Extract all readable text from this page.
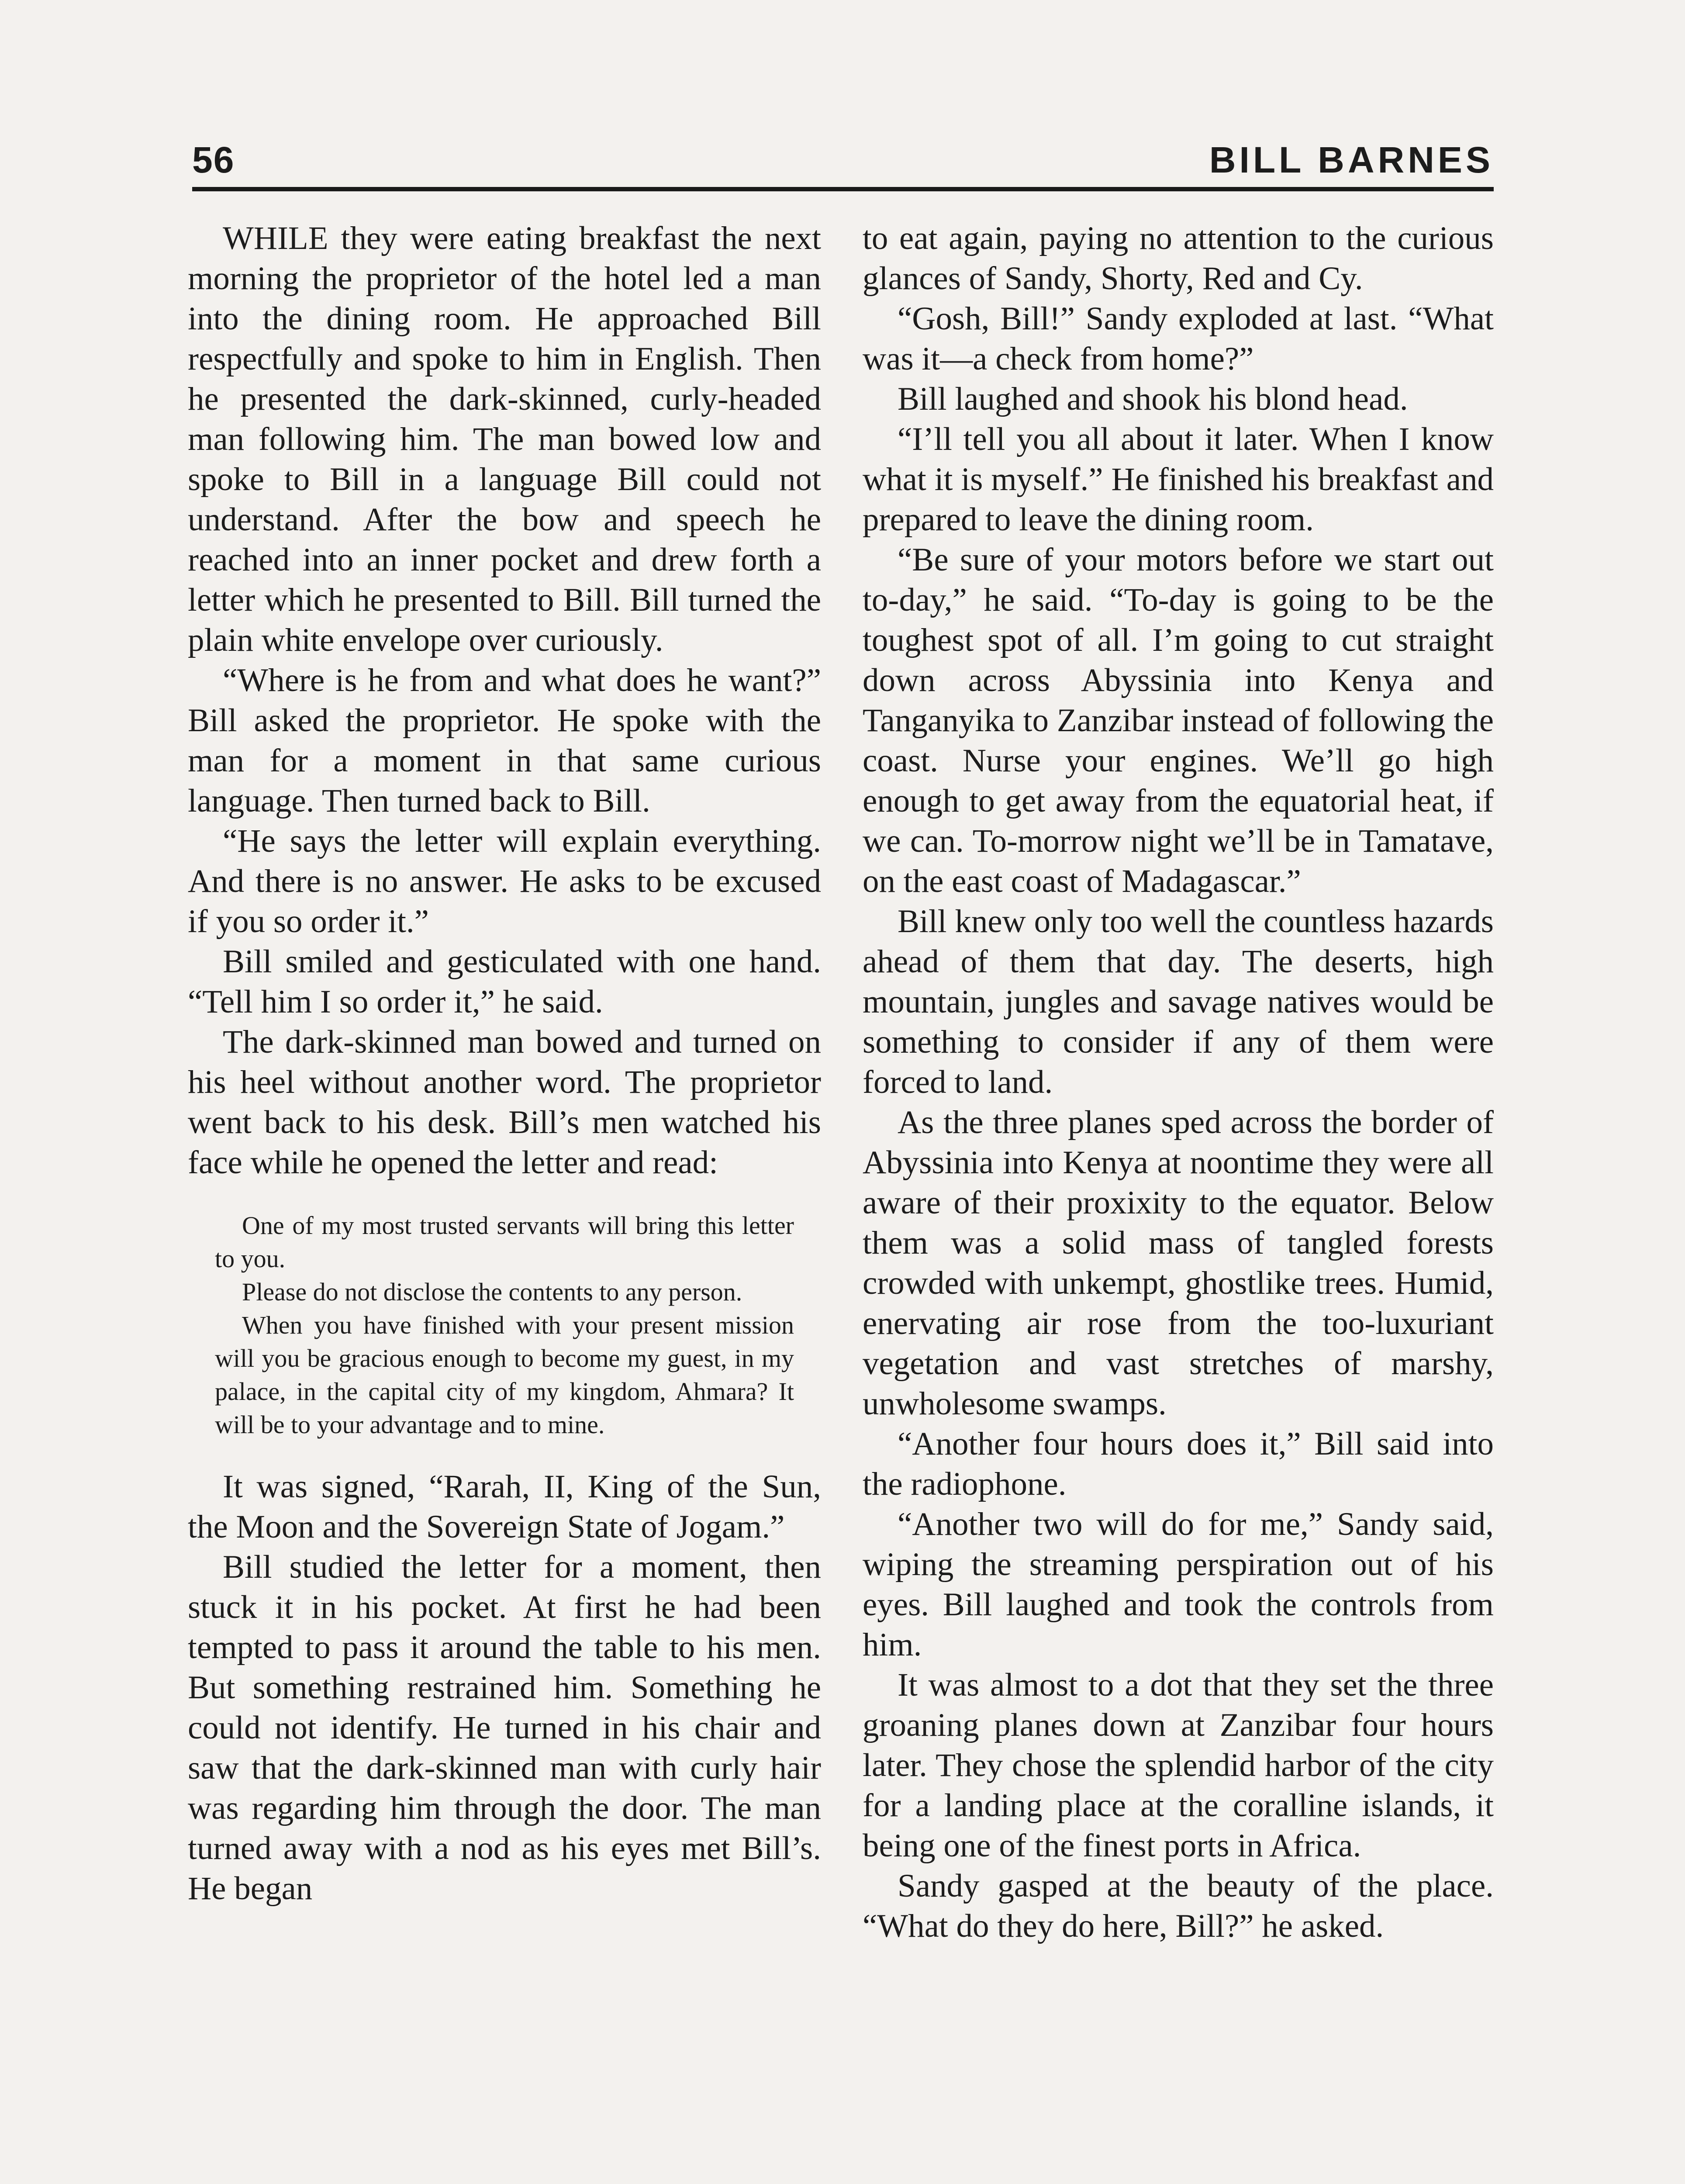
56	BILL BARNES

WHILE they were eating breakfast the next morning the proprietor of the hotel led a man into the dining room. He approached Bill respectfully and spoke to him in English. Then he presented the dark-skinned, curly-headed man following him. The man bowed low and spoke to Bill in a language Bill could not understand. After the bow and speech he reached into an inner pocket and drew forth a letter which he presented to Bill. Bill turned the plain white envelope over curiously.

“Where is he from and what does he want?” Bill asked the proprietor. He spoke with the man for a moment in that same curious language. Then turned back to Bill.

“He says the letter will explain everything. And there is no answer. He asks to be excused if you so order it.”

Bill smiled and gesticulated with one hand. “Tell him I so order it,” he said.

The dark-skinned man bowed and turned on his heel without another word. The proprietor went back to his desk. Bill’s men watched his face while he opened the letter and read:

One of my most trusted servants will bring this letter to you.

Please do not disclose the contents to any person.

When you have finished with your present mission will you be gracious enough to become my guest, in my palace, in the capital city of my kingdom, Ahmara? It will be to your advantage and to mine.

It was signed, “Rarah, II, King of the Sun, the Moon and the Sovereign State of Jogam.”

Bill studied the letter for a moment, then stuck it in his pocket. At first he had been tempted to pass it around the table to his men. But something restrained him. Something he could not identify. He turned in his chair and saw that the dark-skinned man with curly hair was regarding him through the door. The man turned away with a nod as his eyes met Bill’s. He began

to eat again, paying no attention to the curious glances of Sandy, Shorty, Red and Cy.

“Gosh, Bill!” Sandy exploded at last. “What was it—a check from home?”

Bill laughed and shook his blond head.

“I’ll tell you all about it later. When I know what it is myself.” He finished his breakfast and prepared to leave the dining room.

“Be sure of your motors before we start out to-day,” he said. “To-day is going to be the toughest spot of all. I’m going to cut straight down across Abyssinia into Kenya and Tanganyika to Zanzibar instead of following the coast. Nurse your engines. We’ll go high enough to get away from the equatorial heat, if we can. To-morrow night we’ll be in Tamatave, on the east coast of Madagascar.”

Bill knew only too well the countless hazards ahead of them that day. The deserts, high mountain, jungles and savage natives would be something to consider if any of them were forced to land.

As the three planes sped across the border of Abyssinia into Kenya at noontime they were all aware of their proxixity to the equator. Below them was a solid mass of tangled forests crowded with unkempt, ghostlike trees. Humid, enervating air rose from the too-luxuriant vegetation and vast stretches of marshy, unwholesome swamps.

“Another four hours does it,” Bill said into the radiophone.

“Another two will do for me,” Sandy said, wiping the streaming perspiration out of his eyes. Bill laughed and took the controls from him.

It was almost to a dot that they set the three groaning planes down at Zanzibar four hours later. They chose the splendid harbor of the city for a landing place at the coralline islands, it being one of the finest ports in Africa.

Sandy gasped at the beauty of the place. “What do they do here, Bill?” he asked.
